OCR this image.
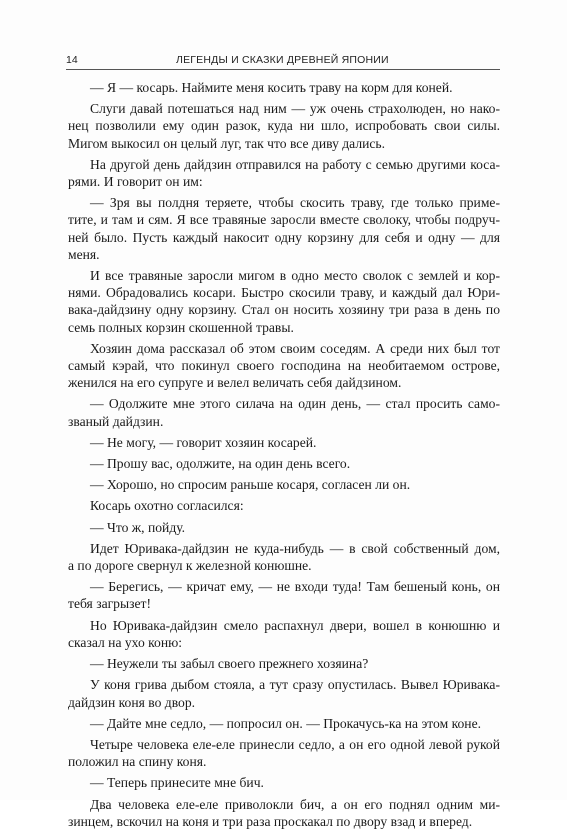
14	ЛЕГЕНДЫ И СКАЗКИ ДРЕВНЕЙ ЯПОНИИ
— Я — косарь. Наймите меня косить траву на корм для коней.
Слуги давай потешаться над ним — уж очень страхолюден, но нако-
нец позволили ему один разок, куда ни шло, испробовать свои силы.
Мигом выкосил он целый луг, так что все диву дались.
На другой день дайдзин отправился на работу с семью другими коса-
рями. И говорит он им:
— Зря вы полдня теряете, чтобы скосить траву, где только приме-
тите, и там и сям. Я все травяные заросли вместе сволоку, чтобы подруч-
ней было. Пусть каждый накосит одну корзину для себя и одну — для
меня.
И все травяные заросли мигом в одно место сволок с землей и кор-
нями. Обрадовались косари. Быстро скосили траву, и каждый дал Юри-
вака-дайдзину одну корзину. Стал он носить хозяину три раза в день по
семь полных корзин скошенной травы.
Хозяин дома рассказал об этом своим соседям. А среди них был тот
самый кэрай, что покинул своего господина на необитаемом острове,
женился на его супруге и велел величать себя дайдзином.
— Одолжите мне этого силача на один день, — стал просить само-
званый дайдзин.
— Не могу, — говорит хозяин косарей.
— Прошу вас, одолжите, на один день всего.
— Хорошо, но спросим раньше косаря, согласен ли он.
Косарь охотно согласился:
— Что ж, пойду.
Идет Юривака-дайдзин не куда-нибудь — в свой собственный дом,
а по дороге свернул к железной конюшне.
— Берегись, — кричат ему, — не входи туда! Там бешеный конь, он
тебя загрызет!
Но Юривака-дайдзин смело распахнул двери, вошел в конюшню и
сказал на ухо коню:
— Неужели ты забыл своего прежнего хозяина?
У коня грива дыбом стояла, а тут сразу опустилась. Вывел Юривака-
дайдзин коня во двор.
— Дайте мне седло, — попросил он. — Прокачусь-ка на этом коне.
Четыре человека еле-еле принесли седло, а он его одной левой рукой
положил на спину коня.
— Теперь принесите мне бич.
Два человека еле-еле приволокли бич, а он его поднял одним ми-
зинцем, вскочил на коня и три раза проскакал по двору взад и вперед.
